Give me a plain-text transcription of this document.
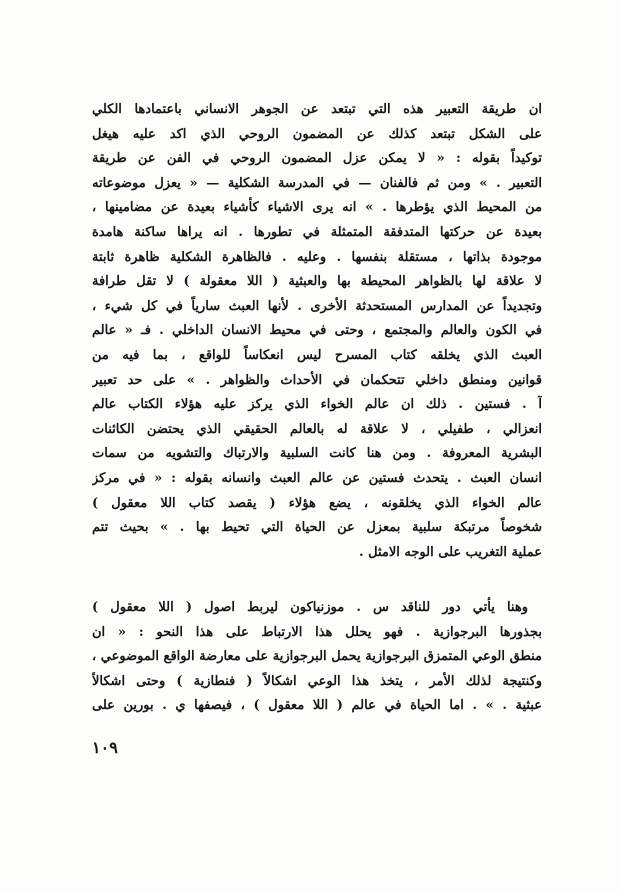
ان طريقة التعبير هذه التي تبتعد عن الجوهر الانساني باعتمادها الكلي
على الشكل تبتعد كذلك عن المضمون الروحي الذي اكد عليه هيغل
توكيداً بقوله : « لا يمكن عزل المضمون الروحي في الفن عن طريقة
التعبير . » ومن ثم فالفنان — في المدرسة الشكلية — « يعزل موضوعاته
من المحيط الذي يؤطرها . » انه يرى الاشياء كأشياء بعيدة عن مضامينها ،
بعيدة عن حركتها المتدفقة المتمثلة في تطورها . انه يراها ساكنة هامدة
موجودة بذاتها ، مستقلة بنفسها . وعليه . فالظاهرة الشكلية ظاهرة ثابتة
لا علاقة لها بالظواهر المحيطة بها والعبثية ( اللا معقولة ) لا تقل طرافة
وتجديداً عن المدارس المستحدثة الأخرى . لأنها العبث سارياً في كل شيء ،
في الكون والعالم والمجتمع ، وحتى في محيط الانسان الداخلي . فـ « عالم
العبث الذي يخلقه كتاب المسرح ليس انعكاساً للواقع ، بما فيه من
قوانين ومنطق داخلي تتحكمان في الأحداث والظواهر . » على حد تعبير
آ . فستين . ذلك ان عالم الخواء الذي يركز عليه هؤلاء الكتاب عالم
انعزالي ، طفيلي ، لا علاقة له بالعالم الحقيقي الذي يحتضن الكائنات
البشرية المعروفة . ومن هنا كانت السلبية والارتباك والتشويه من سمات
انسان العبث . يتحدث فستين عن عالم العبث وانسانه بقوله : « في مركز
عالم الخواء الذي يخلقونه ، يضع هؤلاء ( يقصد كتاب اللا معقول )
شخوصاً مرتبكة سلبية بمعزل عن الحياة التي تحيط بها . » بحيث تتم
عملية التغريب على الوجه الامثل .
وهنا يأتي دور للناقد س . موزنياكون ليربط اصول ( اللا معقول )
بجذورها البرجوازية . فهو يحلل هذا الارتباط على هذا النحو : « ان
منطق الوعي المتمزق البرجوازية يحمل البرجوازية على معارضة الواقع الموضوعي ،
وكنتيجة لذلك الأمر ، يتخذ هذا الوعي اشكالاً ( فنطازية ) وحتى اشكالاً
عبثية . » . اما الحياة في عالم ( اللا معقول ) ، فيصفها ي . بورين على
١٠٩
